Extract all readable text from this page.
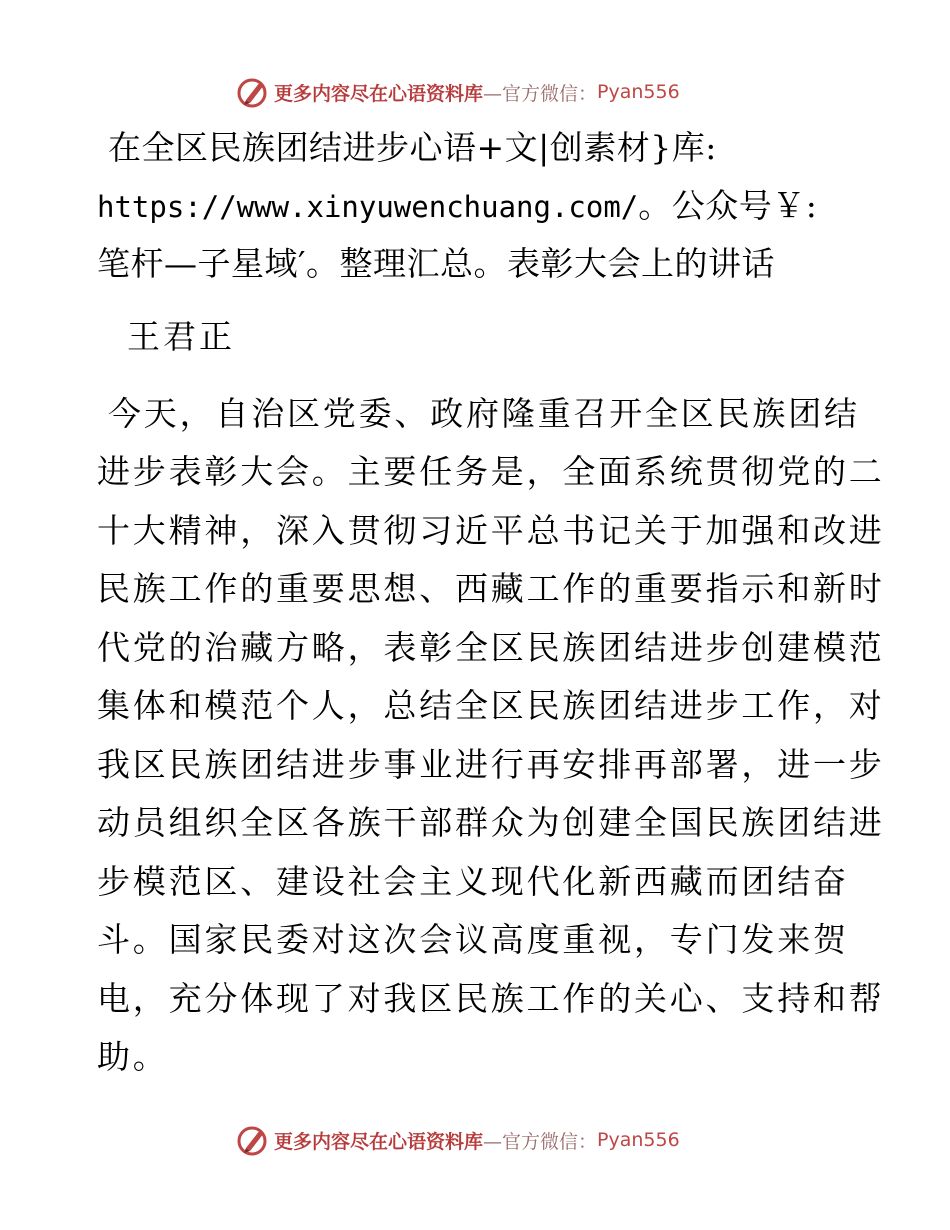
更多内容尽在心语资料库 —官方微信： Pyan556
在全区民族团结进步心语+文|创素材}库:
https://www.xinyuwenchuang.com/。公众号￥:
笔杆—子星域′。整理汇总。表彰大会上的讲话
王君正
今天，自治区党委、政府隆重召开全区民族团结
进步表彰大会。主要任务是，全面系统贯彻党的二
十大精神，深入贯彻习近平总书记关于加强和改进
民族工作的重要思想、西藏工作的重要指示和新时
代党的治藏方略，表彰全区民族团结进步创建模范
集体和模范个人，总结全区民族团结进步工作，对
我区民族团结进步事业进行再安排再部署，进一步
动员组织全区各族干部群众为创建全国民族团结进
步模范区、建设社会主义现代化新西藏而团结奋
斗。国家民委对这次会议高度重视，专门发来贺
电，充分体现了对我区民族工作的关心、支持和帮
助。
更多内容尽在心语资料库 —官方微信： Pyan556
